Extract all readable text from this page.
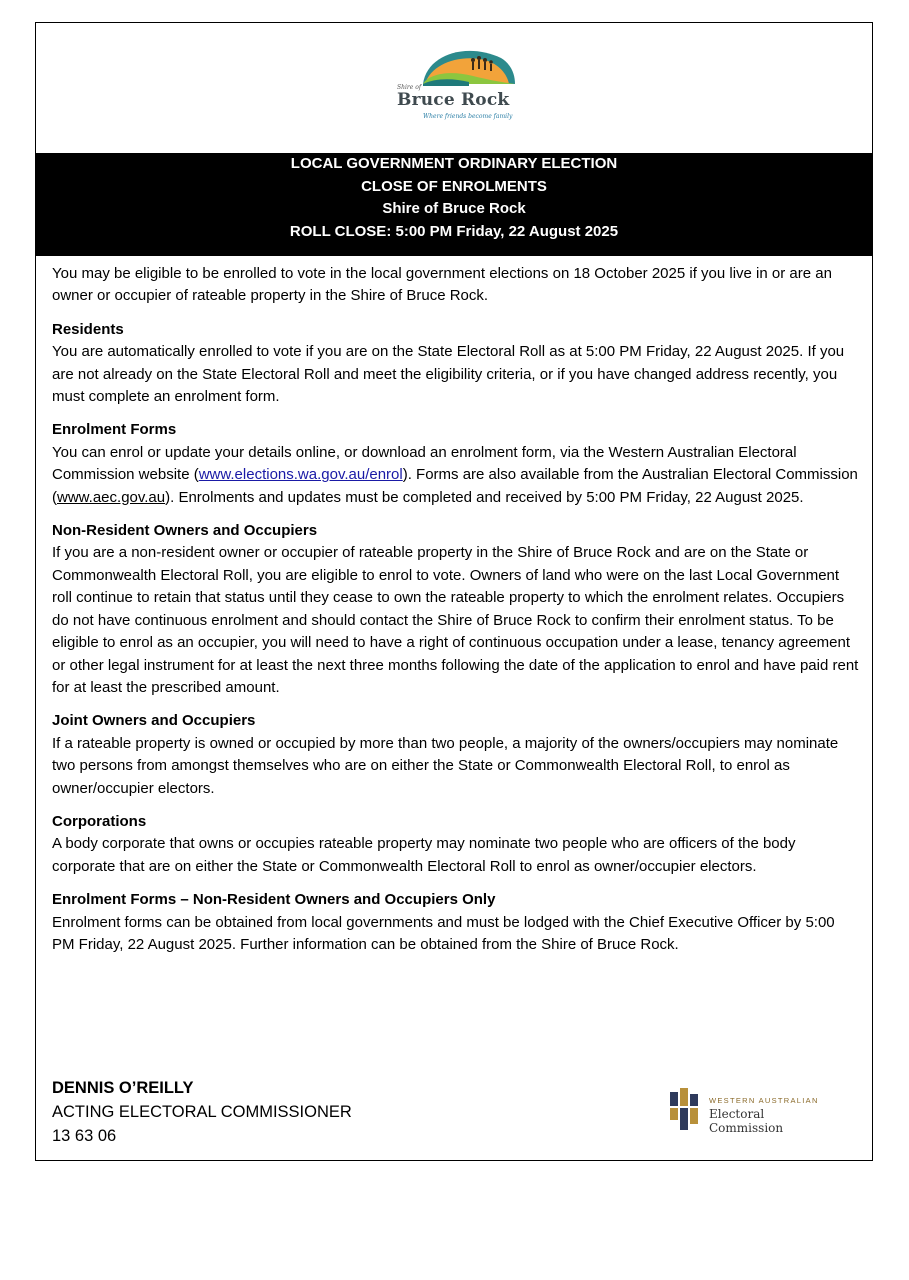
Shire of
Bruce Rock
Where friends become family
LOCAL GOVERNMENT ORDINARY ELECTION
CLOSE OF ENROLMENTS
Shire of Bruce Rock
ROLL CLOSE: 5:00 PM Friday, 22 August 2025

You may be eligible to be enrolled to vote in the local government elections on 18 October 2025 if you live in or are an owner or occupier of rateable property in the Shire of Bruce Rock.

Residents
You are automatically enrolled to vote if you are on the State Electoral Roll as at 5:00 PM Friday, 22 August 2025. If you are not already on the State Electoral Roll and meet the eligibility criteria, or if you have changed address recently, you must complete an enrolment form.

Enrolment Forms
You can enrol or update your details online, or download an enrolment form, via the Western Australian Electoral Commission website (www.elections.wa.gov.au/enrol). Forms are also available from the Australian Electoral Commission (www.aec.gov.au). Enrolments and updates must be completed and received by 5:00 PM Friday, 22 August 2025.

Non-Resident Owners and Occupiers
If you are a non-resident owner or occupier of rateable property in the Shire of Bruce Rock and are on the State or Commonwealth Electoral Roll, you are eligible to enrol to vote. Owners of land who were on the last Local Government roll continue to retain that status until they cease to own the rateable property to which the enrolment relates. Occupiers do not have continuous enrolment and should contact the Shire of Bruce Rock to confirm their enrolment status. To be eligible to enrol as an occupier, you will need to have a right of continuous occupation under a lease, tenancy agreement or other legal instrument for at least the next three months following the date of the application to enrol and have paid rent for at least the prescribed amount.

Joint Owners and Occupiers
If a rateable property is owned or occupied by more than two people, a majority of the owners/occupiers may nominate two persons from amongst themselves who are on either the State or Commonwealth Electoral Roll, to enrol as owner/occupier electors.

Corporations
A body corporate that owns or occupies rateable property may nominate two people who are officers of the body corporate that are on either the State or Commonwealth Electoral Roll to enrol as owner/occupier electors.

Enrolment Forms – Non-Resident Owners and Occupiers Only
Enrolment forms can be obtained from local governments and must be lodged with the Chief Executive Officer by 5:00 PM Friday, 22 August 2025. Further information can be obtained from the Shire of Bruce Rock.

DENNIS O’REILLY
ACTING ELECTORAL COMMISSIONER
13 63 06
WESTERN AUSTRALIAN
Electoral Commission
